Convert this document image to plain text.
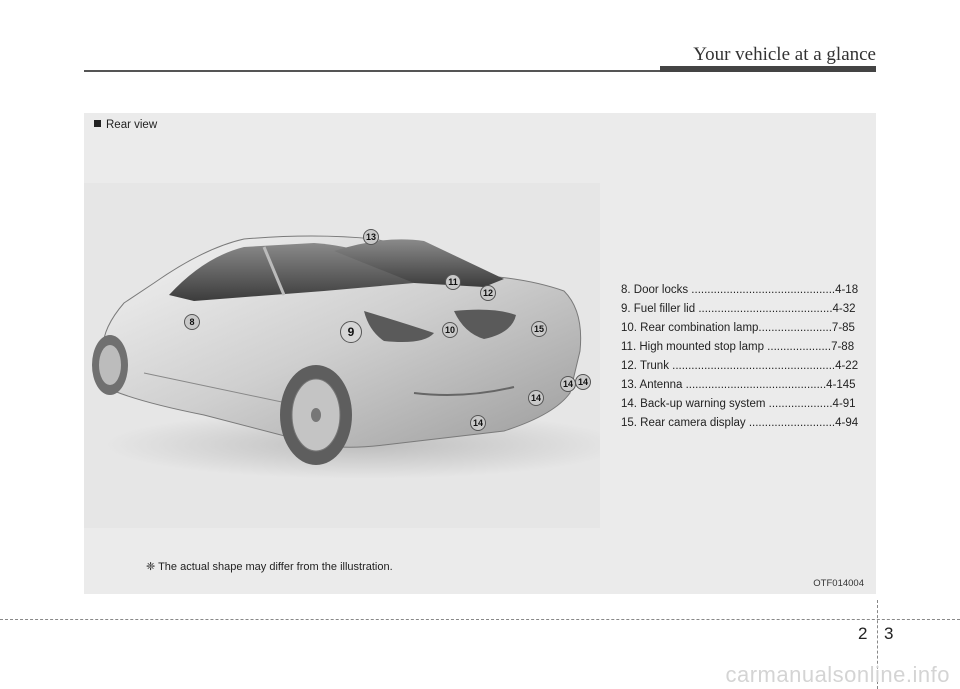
Your vehicle at a glance
Rear view
13
11
12
8
9	10	15
14 14
14
14
8. Door locks .............................................4-18
9. Fuel filler lid ..........................................4-32
10. Rear combination lamp.......................7-85
11. High mounted stop lamp ....................7-88
12. Trunk ...................................................4-22
13. Antenna ............................................4-145
14. Back-up warning system ....................4-91
15. Rear camera display ...........................4-94
❈ The actual shape may differ from the illustration.
OTF014004
2 3
carmanualsonline.info
